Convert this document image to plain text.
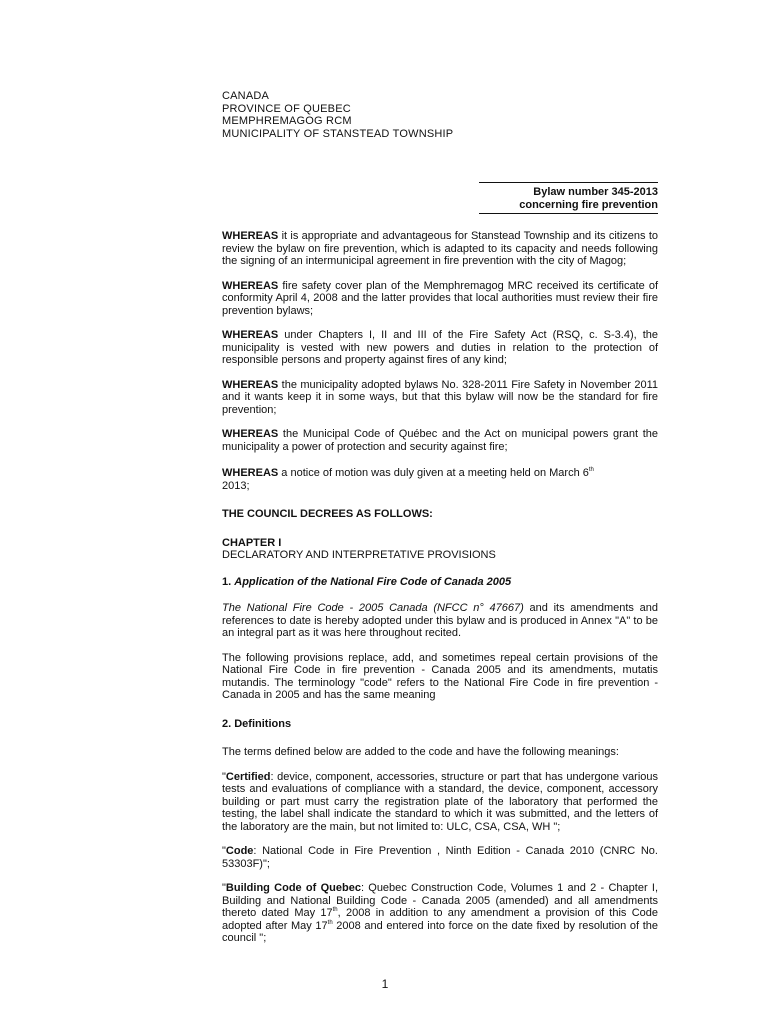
CANADA
PROVINCE OF QUEBEC
MEMPHREMAGOG RCM
MUNICIPALITY OF STANSTEAD TOWNSHIP
Bylaw number 345-2013
concerning fire prevention

WHEREAS it is appropriate and advantageous for Stanstead Township and its citizens to review the bylaw on fire prevention, which is adapted to its capacity and needs following the signing of an intermunicipal agreement in fire prevention with the city of Magog;

WHEREAS fire safety cover plan of the Memphremagog MRC received its certificate of conformity April 4, 2008 and the latter provides that local authorities must review their fire prevention bylaws;

WHEREAS under Chapters I, II and III of the Fire Safety Act (RSQ, c. S-3.4), the municipality is vested with new powers and duties in relation to the protection of responsible persons and property against fires of any kind;

WHEREAS the municipality adopted bylaws No. 328-2011 Fire Safety in November 2011 and it wants keep it in some ways, but that this bylaw will now be the standard for fire prevention;

WHEREAS the Municipal Code of Québec and the Act on municipal powers grant the municipality a power of protection and security against fire;

WHEREAS a notice of motion was duly given at a meeting held on March 6th
2013;

THE COUNCIL DECREES AS FOLLOWS:

CHAPTER I
DECLARATORY AND INTERPRETATIVE PROVISIONS

1. Application of the National Fire Code of Canada 2005

The National Fire Code - 2005 Canada (NFCC n° 47667) and its amendments and references to date is hereby adopted under this bylaw and is produced in Annex "A" to be an integral part as it was here throughout recited.

The following provisions replace, add, and sometimes repeal certain provisions of the National Fire Code in fire prevention - Canada 2005 and its amendments, mutatis mutandis. The terminology "code" refers to the National Fire Code in fire prevention - Canada in 2005 and has the same meaning

2. Definitions

The terms defined below are added to the code and have the following meanings:

"Certified: device, component, accessories, structure or part that has undergone various tests and evaluations of compliance with a standard, the device, component, accessory building or part must carry the registration plate of the laboratory that performed the testing, the label shall indicate the standard to which it was submitted, and the letters of the laboratory are the main, but not limited to: ULC, CSA, CSA, WH ";

"Code: National Code in Fire Prevention , Ninth Edition - Canada 2010 (CNRC No. 53303F)";

"Building Code of Quebec: Quebec Construction Code, Volumes 1 and 2 - Chapter I, Building and National Building Code - Canada 2005 (amended) and all amendments thereto dated May 17th, 2008 in addition to any amendment a provision of this Code adopted after May 17th 2008 and entered into force on the date fixed by resolution of the council ";

1
